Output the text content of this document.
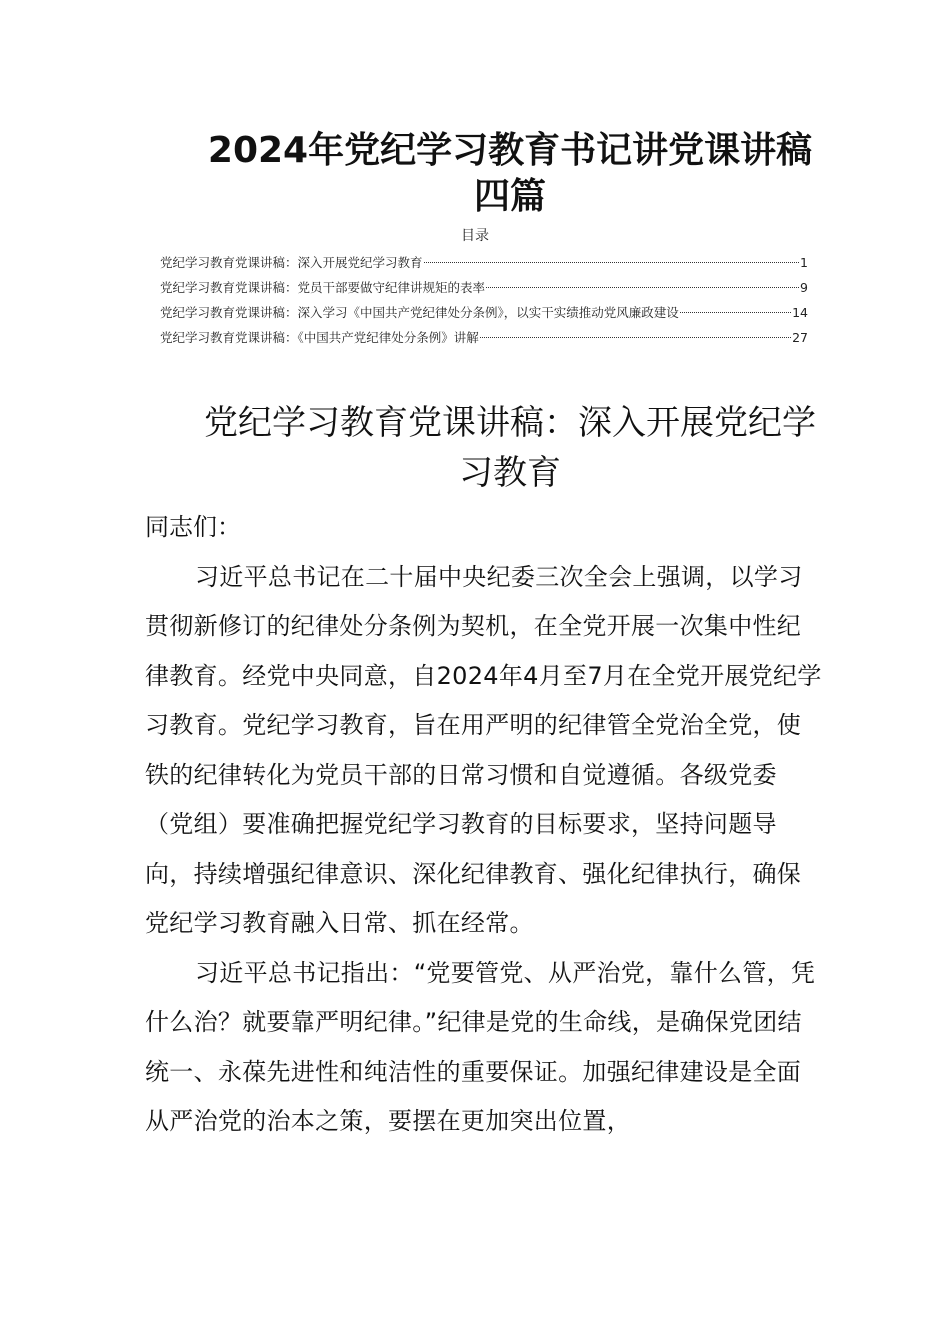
2024年党纪学习教育书记讲党课讲稿四篇
目录
党纪学习教育党课讲稿：深入开展党纪学习教育	1
党纪学习教育党课讲稿：党员干部要做守纪律讲规矩的表率	9
党纪学习教育党课讲稿：深入学习《中国共产党纪律处分条例》，以实干实绩推动党风廉政建设	14
党纪学习教育党课讲稿：《中国共产党纪律处分条例》讲解	27
党纪学习教育党课讲稿：深入开展党纪学习教育

同志们：

习近平总书记在二十届中央纪委三次全会上强调，以学习贯彻新修订的纪律处分条例为契机，在全党开展一次集中性纪律教育。经党中央同意，自2024年4月至7月在全党开展党纪学习教育。党纪学习教育，旨在用严明的纪律管全党治全党，使铁的纪律转化为党员干部的日常习惯和自觉遵循。各级党委（党组）要准确把握党纪学习教育的目标要求，坚持问题导向，持续增强纪律意识、深化纪律教育、强化纪律执行，确保党纪学习教育融入日常、抓在经常。

习近平总书记指出：“党要管党、从严治党，靠什么管，凭什么治？就要靠严明纪律。”纪律是党的生命线，是确保党团结统一、永葆先进性和纯洁性的重要保证。加强纪律建设是全面从严治党的治本之策，要摆在更加突出位置，
